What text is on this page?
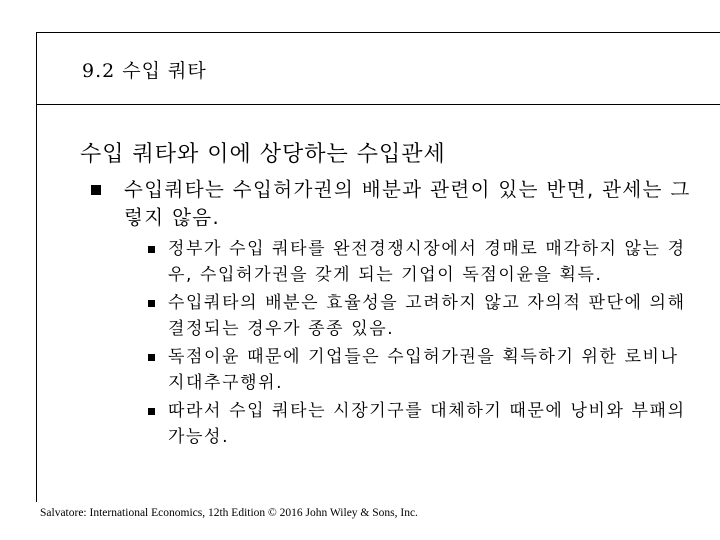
9.2 수입 쿼타
수입 쿼타와 이에 상당하는 수입관세
수입쿼타는 수입허가권의 배분과 관련이 있는 반면, 관세는 그렇지 않음.
정부가 수입 쿼타를 완전경쟁시장에서 경매로 매각하지 않는 경우, 수입허가권을 갖게 되는 기업이 독점이윤을 획득.
수입쿼타의 배분은 효율성을 고려하지 않고 자의적 판단에 의해 결정되는 경우가 종종 있음.
독점이윤 때문에 기업들은 수입허가권을 획득하기 위한 로비나 지대추구행위.
따라서 수입 쿼타는 시장기구를 대체하기 때문에 낭비와 부패의 가능성.
Salvatore: International Economics, 12th Edition © 2016 John Wiley & Sons, Inc.
